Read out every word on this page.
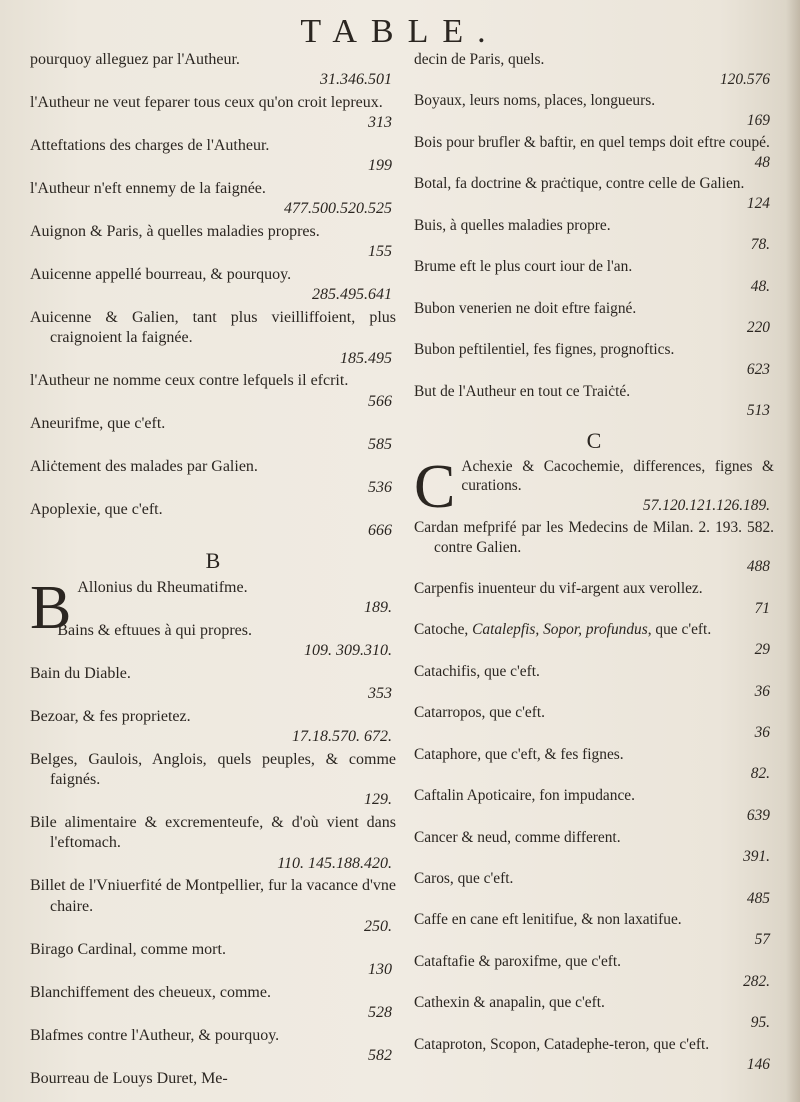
TABLE.
pourquoy alleguez par l'Autheur.
31.346.501
l'Autheur ne veut feparer tous ceux qu'on croit lepreux.
313
Atteftations des charges de l'Autheur.
199
l'Autheur n'eft ennemy de la faignée.
477.500.520.525
Auignon & Paris, à quelles maladies propres.
155
Auicenne appellé bourreau, & pourquoy.
285.495.641
Auicenne & Galien, tant plus vieilliffoient, plus craignoient la faignée.
185.495
l'Autheur ne nomme ceux contre lefquels il efcrit.
566
Aneurifme, que c'eft.
585
Aliċtement des malades par Galien.
536
Apoplexie, que c'eft.
666
B
B Allonius du Rheumatifme.
189.
Bains & eftuues à qui propres.
109. 309.310.
Bain du Diable.
353
Bezoar, & fes proprietez.
17.18.570. 672.
Belges, Gaulois, Anglois, quels peuples, & comme faignés.
129.
Bile alimentaire & excrementeufe, & d'où vient dans l'eftomach.
110. 145.188.420.
Billet de l'Vniuerfité de Montpellier, fur la vacance d'vne chaire.
250.
Birago Cardinal, comme mort.
130
Blanchiffement des cheueux, comme.
528
Blafmes contre l'Autheur, & pourquoy.
582
Bourreau de Louys Duret, Me-
decin de Paris, quels.
120.576
Boyaux, leurs noms, places, longueurs.
169
Bois pour brufler & baftir, en quel temps doit eftre coupé.
48
Botal, fa doctrine & praċtique, contre celle de Galien.
124
Buis, à quelles maladies propre.
78.
Brume eft le plus court iour de l'an.
48.
Bubon venerien ne doit eftre faigné.
220
Bubon peftilentiel, fes fignes, prognoftics.
623
But de l'Autheur en tout ce Traiċté.
513
C
C Achexie & Cacochemie, differences, fignes & curations.
57.120.121.126.189.
Cardan mefprifé par les Medecins de Milan. 2. 193. 582. contre Galien.
488
Carpenfis inuenteur du vif-argent aux verollez.
71
Catoche, Catalepfis, Sopor, profundus, que c'eft.
29
Catachifis, que c'eft.
36
Catarropos, que c'eft.
36
Cataphore, que c'eft, & fes fignes.
82.
Caftalin Apoticaire, fon impudance.
639
Cancer & neud, comme different.
391.
Caros, que c'eft.
485
Caffe en cane eft lenitifue, & non laxatifue.
57
Cataftafie & paroxifme, que c'eft.
282.
Cathexin & anapalin, que c'eft.
95.
Cataproton, Scopon, Catadephe-teron, que c'eft.
146
